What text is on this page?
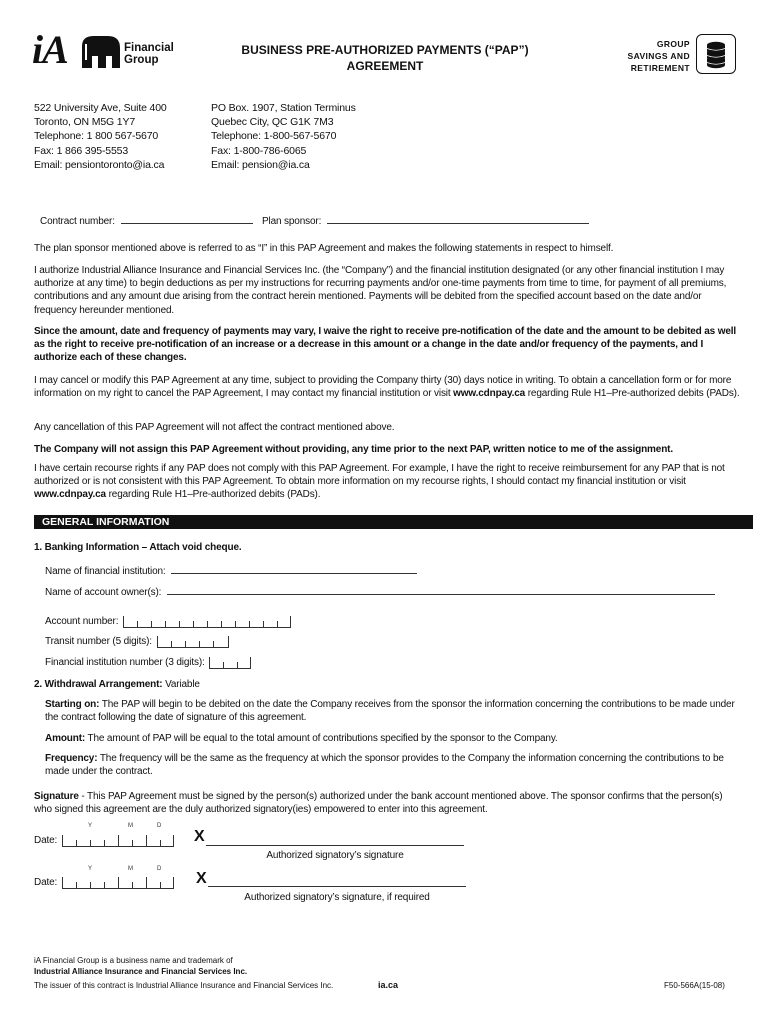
iA	Financial
Group
BUSINESS PRE-AUTHORIZED PAYMENTS (“PAP”)
AGREEMENT
GROUP
SAVINGS AND
RETIREMENT
522 University Ave, Suite 400
Toronto, ON M5G 1Y7
Telephone: 1 800 567-5670
Fax: 1 866 395-5553
Email: pensiontoronto@ia.ca
PO Box. 1907, Station Terminus
Quebec City, QC G1K 7M3
Telephone: 1-800-567-5670
Fax: 1-800-786-6065
Email: pension@ia.ca
Contract number:	Plan sponsor:
The plan sponsor mentioned above is referred to as “I” in this PAP Agreement and makes the following statements in respect to himself.
I authorize Industrial Alliance Insurance and Financial Services Inc. (the “Company”) and the financial institution designated (or any other financial institution I may authorize at any time) to begin deductions as per my instructions for recurring payments and/or one-time payments from time to time, for payment of all premiums, contributions and any amount due arising from the contract herein mentioned. Payments will be debited from the specified account based on the date and/or frequency hereunder mentioned.
Since the amount, date and frequency of payments may vary, I waive the right to receive pre-notification of the date and the amount to be debited as well as the right to receive pre-notification of an increase or a decrease in this amount or a change in the date and/or frequency of the payments, and I authorize each of these changes.
I may cancel or modify this PAP Agreement at any time, subject to providing the Company thirty (30) days notice in writing. To obtain a cancellation form or for more information on my right to cancel the PAP Agreement, I may contact my financial institution or visit www.cdnpay.ca regarding Rule H1–Pre-authorized debits (PADs).
Any cancellation of this PAP Agreement will not affect the contract mentioned above.
The Company will not assign this PAP Agreement without providing, any time prior to the next PAP, written notice to me of the assignment.
I have certain recourse rights if any PAP does not comply with this PAP Agreement. For example, I have the right to receive reimbursement for any PAP that is not authorized or is not consistent with this PAP Agreement. To obtain more information on my recourse rights, I should contact my financial institution or visit www.cdnpay.ca regarding Rule H1–Pre-authorized debits (PADs).
GENERAL INFORMATION
1. Banking Information – Attach void cheque.
Name of financial institution:
Name of account owner(s):
Account number:
Transit number (5 digits):
Financial institution number (3 digits):
2. Withdrawal Arrangement: Variable
Starting on: The PAP will begin to be debited on the date the Company receives from the sponsor the information concerning the contributions to be made under the contract following the date of signature of this agreement.
Amount: The amount of PAP will be equal to the total amount of contributions specified by the sponsor to the Company.
Frequency: The frequency will be the same as the frequency at which the sponsor provides to the Company the information concerning the contributions to be made under the contract.
Signature - This PAP Agreement must be signed by the person(s) authorized under the bank account mentioned above. The sponsor confirms that the person(s) who signed this agreement are the duly authorized signatory(ies) empowered to enter into this agreement.
Y	M	D
Date:	X
Authorized signatory’s signature
Y	M	D
Date:	X
Authorized signatory’s signature, if required
iA Financial Group is a business name and trademark of
Industrial Alliance Insurance and Financial Services Inc.
The issuer of this contract is Industrial Alliance Insurance and Financial Services Inc.	ia.ca	F50-566A(15-08)
